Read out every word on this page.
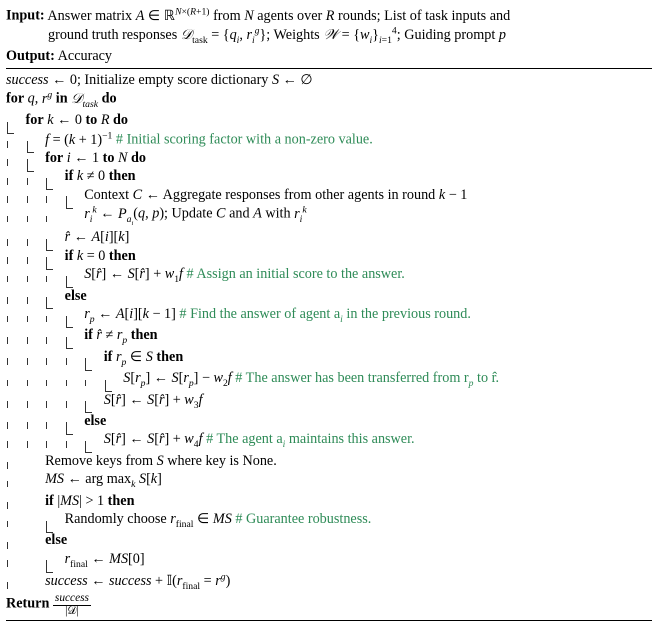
Input: Answer matrix A ∈ ℝ$^{N\times(R+1)}$ from N agents over R rounds; List of task inputs and
ground truth responses 𝒟$_{task}$ = {$q_i$, $r_i^g$}; Weights 𝒲 = $\{w_i\}_{i=1}^4$; Guiding prompt p
Output: Accuracy
success ← 0; Initialize empty score dictionary S ← ∅
for q, $r^g$ in 𝒟$_{task}$ do
for k ← 0 to R do
$f = (k + 1)^{-1}$ # Initial scoring factor with a non-zero value.
for i ← 1 to N do
if k ≠ 0 then
Context C ← Aggregate responses from other agents in round k − 1
$r_i^k$ ← $P_{a_i}(q$, p); Update C and A with $r_i^k$
r̂ ← A[i][k]
if k = 0 then
S[r̂] ← S[r̂] + $w_1f$ # Assign an initial score to the answer.
else
$r_p$ ← A[i][k − 1] # Find the answer of agent $a_i$ in the previous round.
if r̂ ≠ $r_p$ then
if $r_p$ ∈ S then
$S[r_p]$ ← $S[r_p] - w_2f$ # The answer has been transferred from $r_p$ to r̂.
S[r̂] ← S[r̂] + $w_3f$
else
S[r̂] ← S[r̂] + $w_4f$ # The agent $a_i$ maintains this answer.
Remove keys from S where key is None.
MS ← arg $\max_k S[k]$
if |MS| > 1 then
Randomly choose $r_{final}$ ∈ MS # Guarantee robustness.
else
$r_{final}$ ← MS[0]
success ← success + $𝕀(r_{final} = r^g)$
Return $\frac{\text{success}}{\text{|𝒟|}}$
